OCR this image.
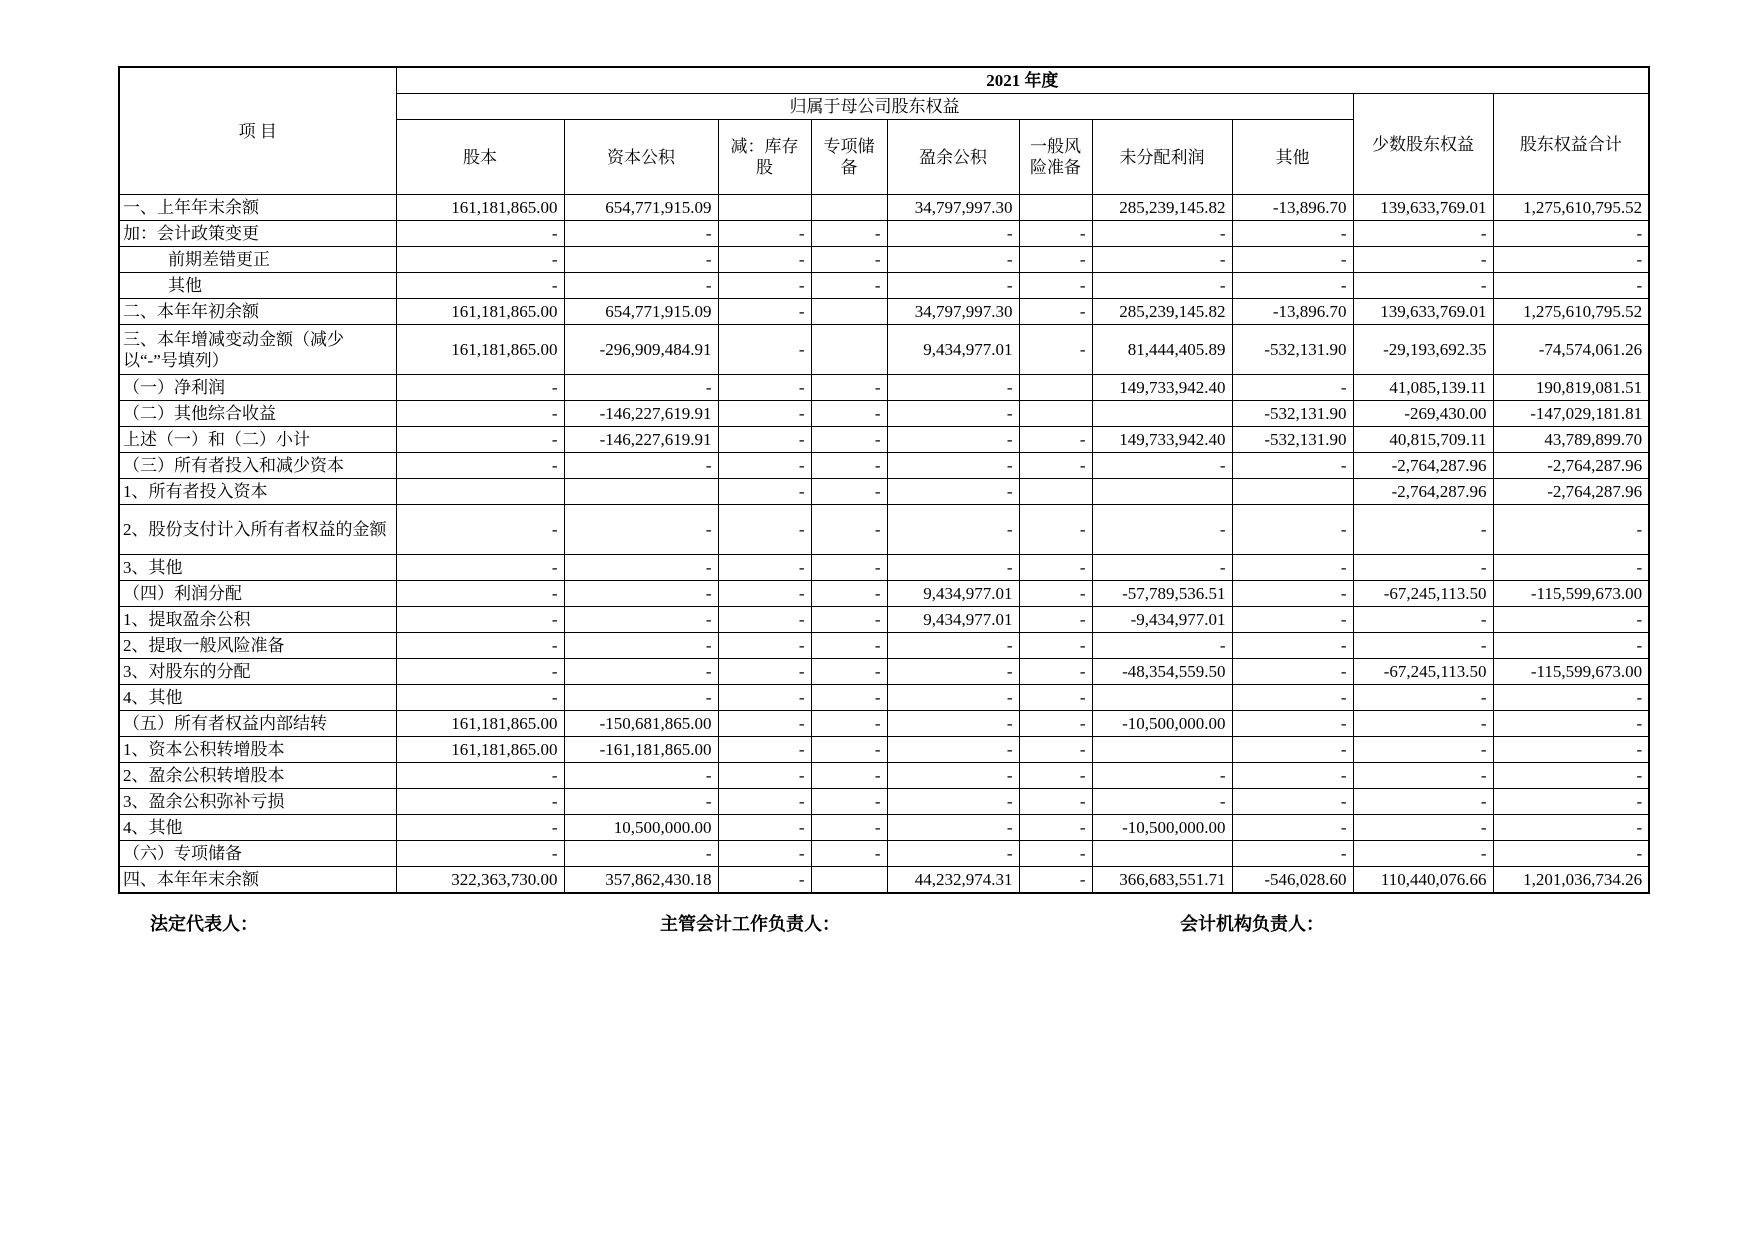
项 目	2021 年度									
	归属于母公司股东权益								少数股东权益	股东权益合计
	股本	资本公积	减：库存股	专项储备	盈余公积	一般风险准备	未分配利润	其他		
一、上年年末余额	161,181,865.00	654,771,915.09			34,797,997.30		285,239,145.82	-13,896.70	139,633,769.01	1,275,610,795.52
加：会计政策变更	-	-	-	-	-	-	-	-	-	-
前期差错更正	-	-	-	-	-	-	-	-	-	-
其他	-	-	-	-	-	-	-	-	-	-
二、本年年初余额	161,181,865.00	654,771,915.09	-		34,797,997.30	-	285,239,145.82	-13,896.70	139,633,769.01	1,275,610,795.52
三、本年增减变动金额（减少以“-”号填列）	161,181,865.00	-296,909,484.91	-		9,434,977.01	-	81,444,405.89	-532,131.90	-29,193,692.35	-74,574,061.26
（一）净利润	-	-	-	-	-		149,733,942.40	-	41,085,139.11	190,819,081.51
（二）其他综合收益	-	-146,227,619.91	-	-	-			-532,131.90	-269,430.00	-147,029,181.81
上述（一）和（二）小计	-	-146,227,619.91	-	-	-	-	149,733,942.40	-532,131.90	40,815,709.11	43,789,899.70
（三）所有者投入和减少资本	-	-	-	-	-	-	-	-	-2,764,287.96	-2,764,287.96
1、所有者投入资本			-	-	-				-2,764,287.96	-2,764,287.96
2、股份支付计入所有者权益的金额	-	-	-	-	-	-	-	-	-	-
3、其他	-	-	-	-	-	-	-	-	-	-
（四）利润分配	-	-	-	-	9,434,977.01	-	-57,789,536.51	-	-67,245,113.50	-115,599,673.00
1、提取盈余公积	-	-	-	-	9,434,977.01	-	-9,434,977.01	-	-	-
2、提取一般风险准备	-	-	-	-	-	-	-	-	-	-
3、对股东的分配	-	-	-	-	-	-	-48,354,559.50	-	-67,245,113.50	-115,599,673.00
4、其他	-	-	-	-	-	-		-	-	-
（五）所有者权益内部结转	161,181,865.00	-150,681,865.00	-	-	-	-	-10,500,000.00	-	-	-
1、资本公积转增股本	161,181,865.00	-161,181,865.00	-	-	-	-		-	-	-
2、盈余公积转增股本	-	-	-	-	-	-	-	-	-	-
3、盈余公积弥补亏损	-	-	-	-	-	-	-	-	-	-
4、其他	-	10,500,000.00	-	-	-	-	-10,500,000.00	-	-	-
（六）专项储备	-	-	-	-	-	-		-	-	-
四、本年年末余额	322,363,730.00	357,862,430.18	-		44,232,974.31	-	366,683,551.71	-546,028.60	110,440,076.66	1,201,036,734.26
法定代表人：	主管会计工作负责人：	会计机构负责人：
